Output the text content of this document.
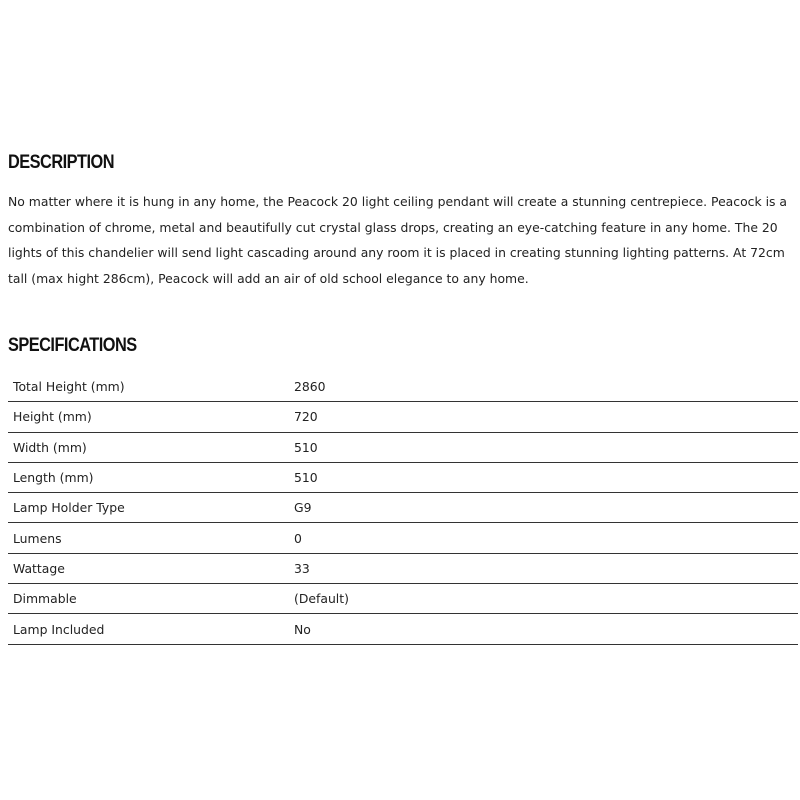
DESCRIPTION

No matter where it is hung in any home, the Peacock 20 light ceiling pendant will create a stunning centrepiece. Peacock is a combination of chrome, metal and beautifully cut crystal glass drops, creating an eye-catching feature in any home. The 20 lights of this chandelier will send light cascading around any room it is placed in creating stunning lighting patterns. At 72cm tall (max hight 286cm), Peacock will add an air of old school elegance to any home.

SPECIFICATIONS
Total Height (mm)	2860
Height (mm)	720
Width (mm)	510
Length (mm)	510
Lamp Holder Type	G9
Lumens	0
Wattage	33
Dimmable	(Default)
Lamp Included	No
